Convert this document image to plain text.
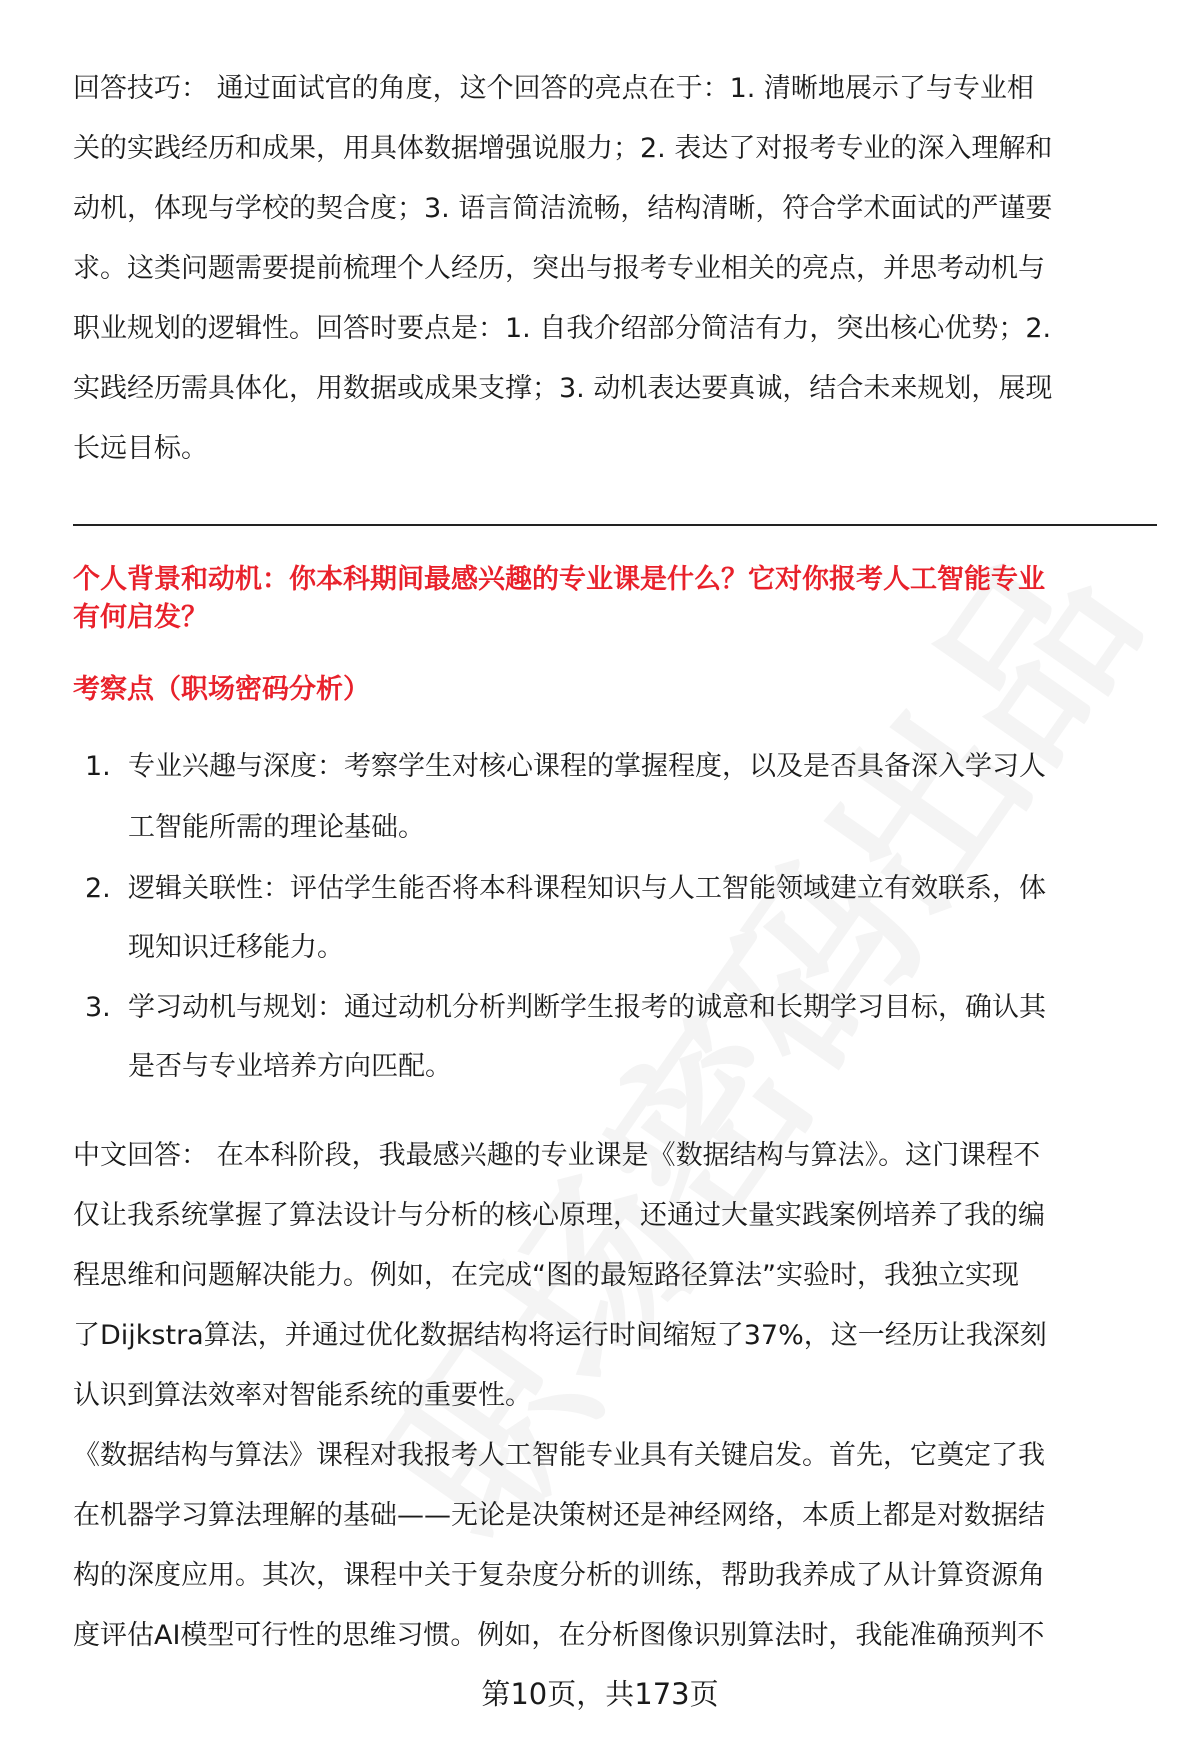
回答技巧： 通过面试官的角度，这个回答的亮点在于：1. 清晰地展示了与专业相
关的实践经历和成果，用具体数据增强说服力；2. 表达了对报考专业的深入理解和
动机，体现与学校的契合度；3. 语言简洁流畅，结构清晰，符合学术面试的严谨要
求。这类问题需要提前梳理个人经历，突出与报考专业相关的亮点，并思考动机与
职业规划的逻辑性。回答时要点是：1. 自我介绍部分简洁有力，突出核心优势；2.
实践经历需具体化，用数据或成果支撑；3. 动机表达要真诚，结合未来规划，展现
长远目标。
个人背景和动机：你本科期间最感兴趣的专业课是什么？它对你报考人工智能专业
有何启发？
考察点（职场密码分析）
1. 专业兴趣与深度：考察学生对核心课程的掌握程度，以及是否具备深入学习人
工智能所需的理论基础。
2. 逻辑关联性：评估学生能否将本科课程知识与人工智能领域建立有效联系，体
现知识迁移能力。
3. 学习动机与规划：通过动机分析判断学生报考的诚意和长期学习目标，确认其
是否与专业培养方向匹配。
中文回答： 在本科阶段，我最感兴趣的专业课是《数据结构与算法》。这门课程不
仅让我系统掌握了算法设计与分析的核心原理，还通过大量实践案例培养了我的编
程思维和问题解决能力。例如，在完成“图的最短路径算法”实验时，我独立实现
了Dijkstra算法，并通过优化数据结构将运行时间缩短了37%，这一经历让我深刻
认识到算法效率对智能系统的重要性。
《数据结构与算法》课程对我报考人工智能专业具有关键启发。首先，它奠定了我
在机器学习算法理解的基础——无论是决策树还是神经网络，本质上都是对数据结
构的深度应用。其次，课程中关于复杂度分析的训练，帮助我养成了从计算资源角
度评估AI模型可行性的思维习惯。例如，在分析图像识别算法时，我能准确预判不
第10页，共173页
